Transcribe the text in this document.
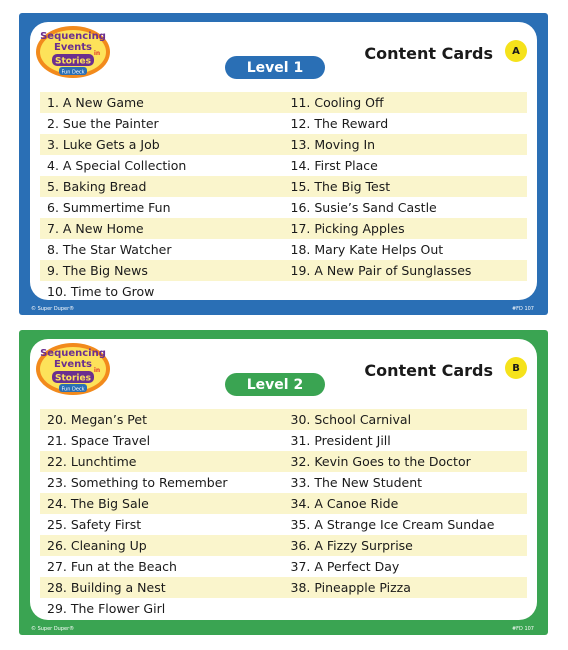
Sequencing
Events
in
Stories
Fun Deck
Content Cards	A
Level 1
1. A New Game	11. Cooling Off
2. Sue the Painter	12. The Reward
3. Luke Gets a Job	13. Moving In
4. A Special Collection	14. First Place
5. Baking Bread	15. The Big Test
6. Summertime Fun	16. Susie’s Sand Castle
7. A New Home	17. Picking Apples
8. The Star Watcher	18. Mary Kate Helps Out
9. The Big News	19. A New Pair of Sunglasses
10. Time to Grow
© Super Duper®	#FD 107
Sequencing
Events
in
Stories
Fun Deck
Content Cards	B
Level 2
20. Megan’s Pet	30. School Carnival
21. Space Travel	31. President Jill
22. Lunchtime	32. Kevin Goes to the Doctor
23. Something to Remember	33. The New Student
24. The Big Sale	34. A Canoe Ride
25. Safety First	35. A Strange Ice Cream Sundae
26. Cleaning Up	36. A Fizzy Surprise
27. Fun at the Beach	37. A Perfect Day
28. Building a Nest	38. Pineapple Pizza
29. The Flower Girl
© Super Duper®	#FD 107
